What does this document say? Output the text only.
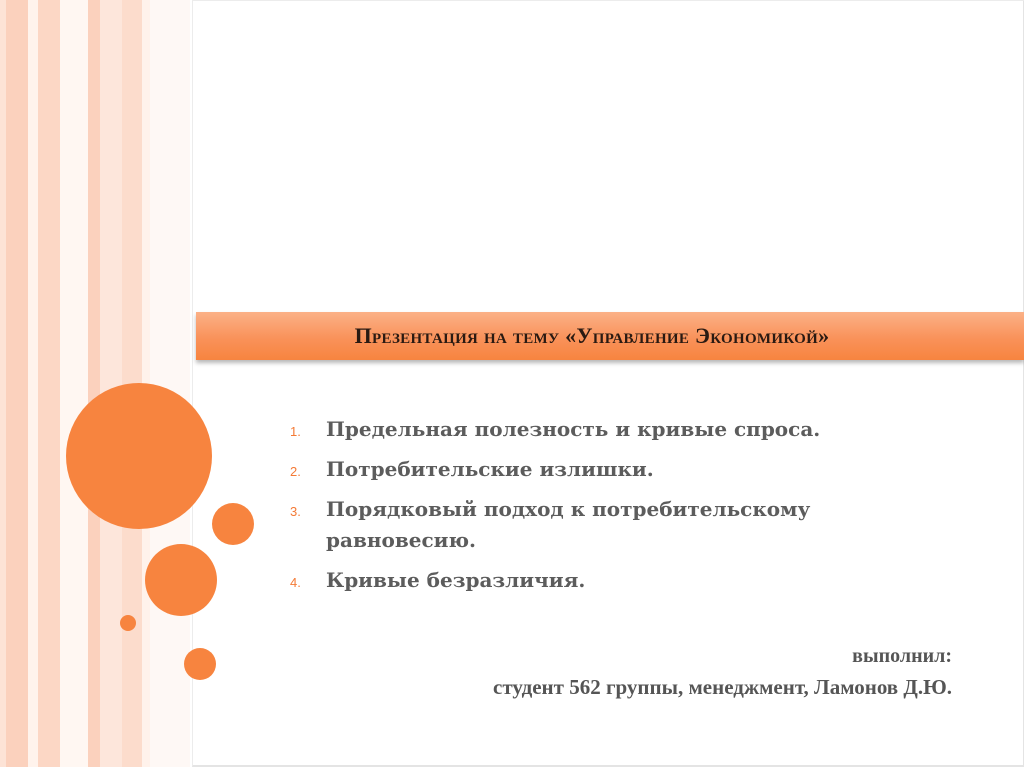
Презентация на тему «Управление Экономикой»
1.	Предельная полезность и кривые спроса.
2.	Потребительские излишки.
3.	Порядковый подход к потребительскому равновесию.
4.	Кривые безразличия.
выполнил:
студент 562 группы, менеджмент, Ламонов Д.Ю.
